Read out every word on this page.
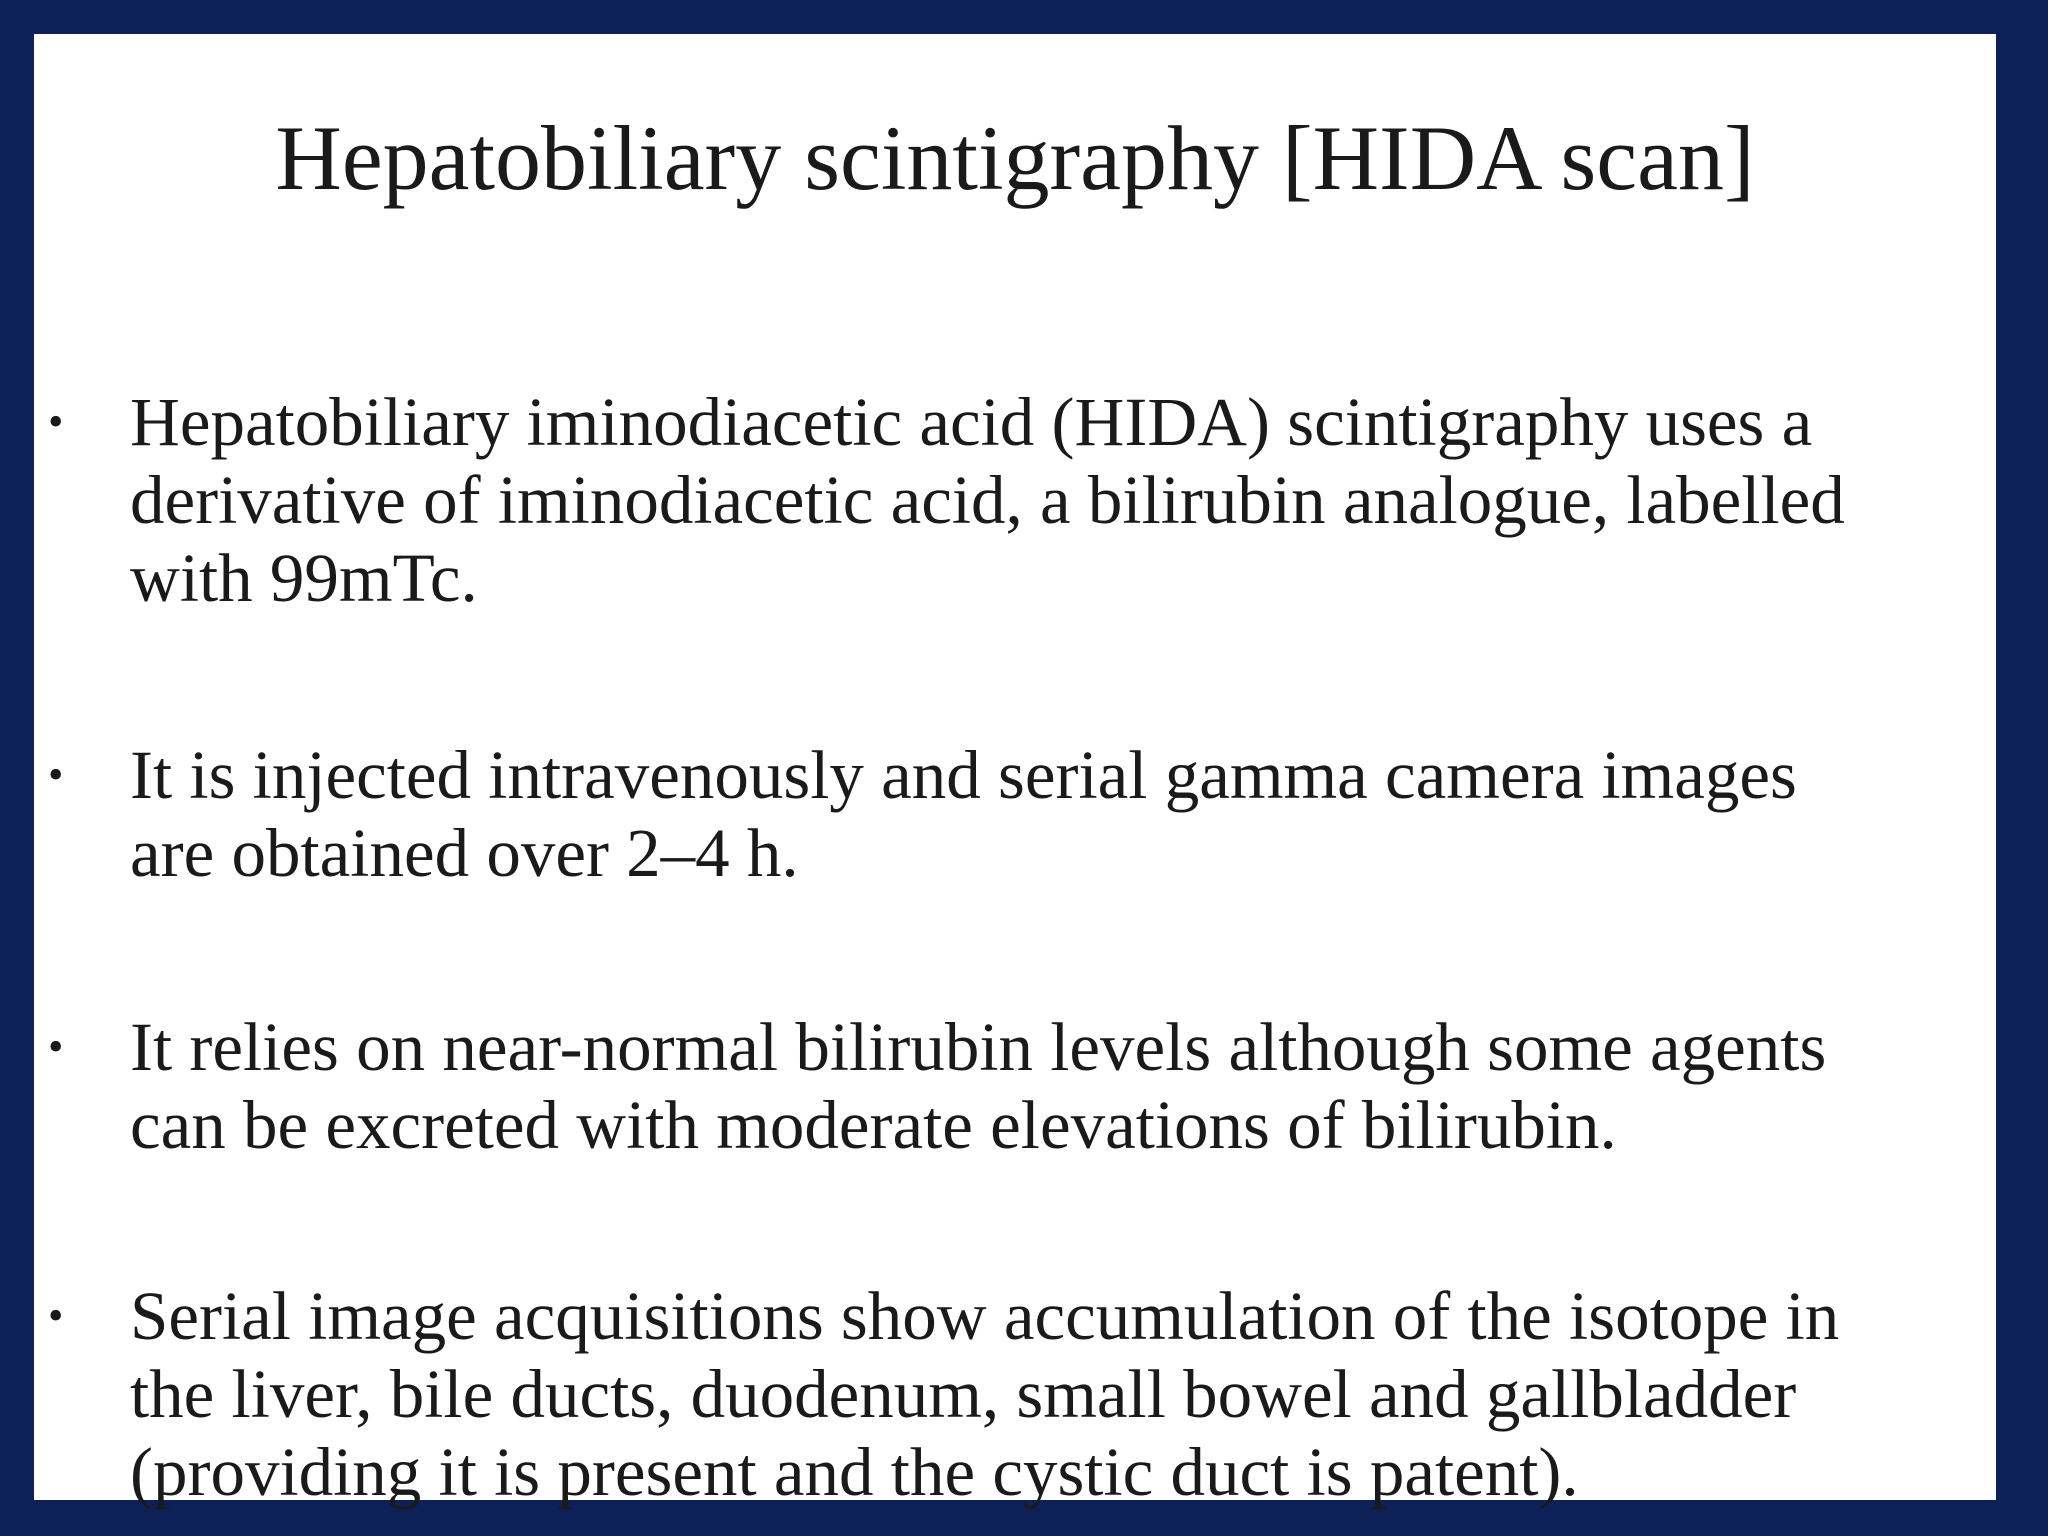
Hepatobiliary scintigraphy [HIDA scan]
• Hepatobiliary iminodiacetic acid (HIDA) scintigraphy uses a
derivative of iminodiacetic acid, a bilirubin analogue, labelled
with 99mTc.
• It is injected intravenously and serial gamma camera images
are obtained over 2–4 h.
• It relies on near-normal bilirubin levels although some agents
can be excreted with moderate elevations of bilirubin.
• Serial image acquisitions show accumulation of the isotope in
the liver, bile ducts, duodenum, small bowel and gallbladder
(providing it is present and the cystic duct is patent).
